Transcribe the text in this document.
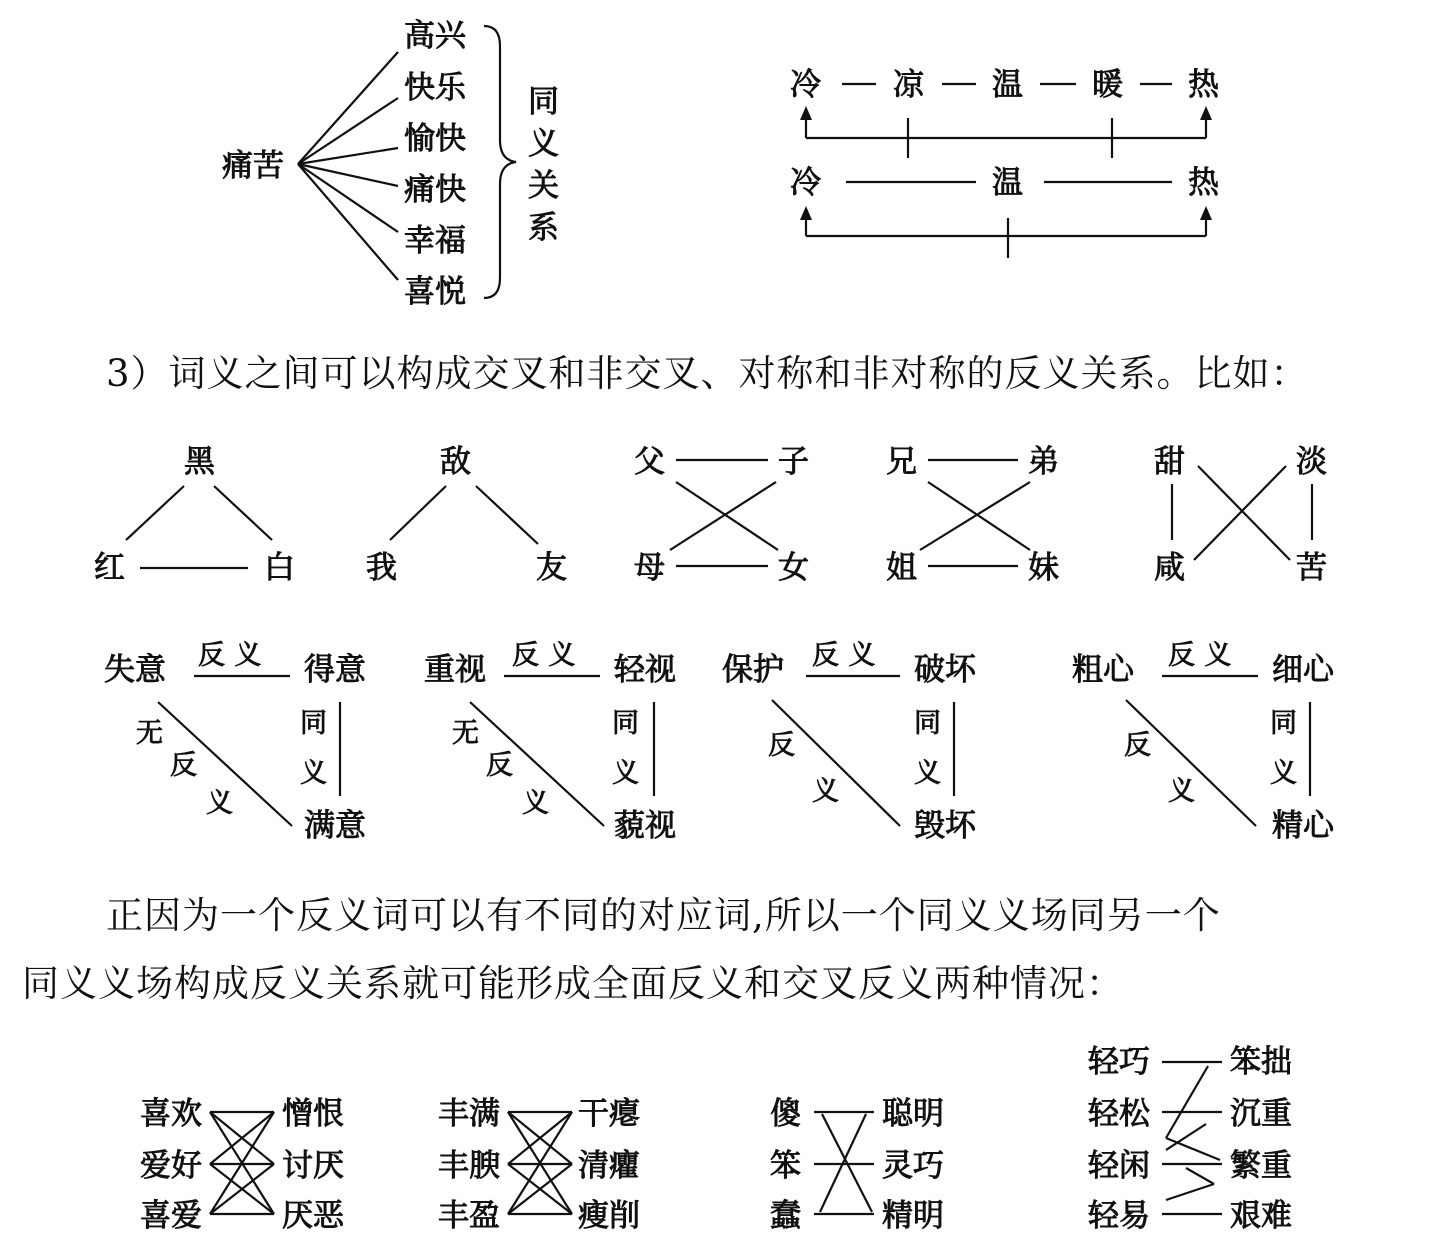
痛苦
高兴
快乐
愉快
痛快
幸福
喜悦
同
义
关
系
冷 凉 温 暖 热
冷	温	热
3）词义之间可以构成交叉和非交叉、对称和非对称的反义关系。比如：
黑
红	白
敌
我	友
父	子
母	女
兄	弟
姐	妹
甜	淡
咸	苦
失意	得意
满意
反 义
同
义
无
反
义
重视	轻视
藐视
反 义
同
义
无
反
义
保护	破坏
毁坏
反 义
同
义
反
义
粗心	细心
精心
反 义
同
义
反
义
正因为一个反义词可以有不同的对应词,所以一个同义义场同另一个
同义义场构成反义关系就可能形成全面反义和交叉反义两种情况：
喜欢
爱好
喜爱
憎恨
讨厌
厌恶
丰满
丰腴
丰盈
干瘪
清癯
瘦削
傻
笨
蠢
聪明
灵巧
精明
轻巧
轻松
轻闲
轻易
笨拙
沉重
繁重
艰难
